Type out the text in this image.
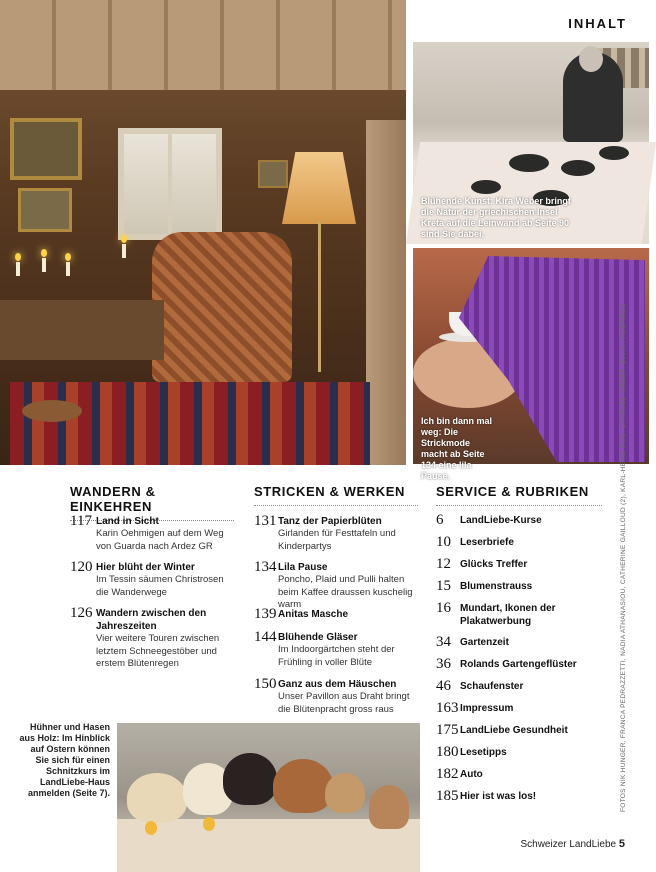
INHALT
Blühende Kunst: Kira Weber bringt die Natur der griechischen Insel Kreta auf die Leinwand ab Seite 90 sind Sie dabei.
Ich bin dann mal weg: Die Strickmode macht ab Seite 134 eine lila Pause.
WANDERN & EINKEHREN
STRICKEN & WERKEN	SERVICE & RUBRIKEN
117 Land in Sicht
Karin Oehmigen auf dem Weg von Guarda nach Ardez GR
120 Hier blüht der Winter
Im Tessin säumen Christrosen die Wanderwege
126 Wandern zwischen den Jahreszeiten
Vier weitere Touren zwischen letztem Schneegestöber und erstem Blütenregen
131 Tanz der Papierblüten
Girlanden für Festtafeln und Kinderpartys
134 Lila Pause
Poncho, Plaid und Pulli halten beim Kaffee draussen kuschelig warm
139 Anitas Masche
144 Blühende Gläser
Im Indoorgärtchen steht der Frühling in voller Blüte
150 Ganz aus dem Häuschen
Unser Pavillon aus Draht bringt die Blütenpracht gross raus
6 LandLiebe-Kurse
10 Leserbriefe
12 Glücks Treffer
15 Blumenstrauss
16 Mundart, Ikonen der Plakatwerbung
34 Gartenzeit
36 Rolands Gartengeflüster
46 Schaufenster
163 Impressum
175 LandLiebe Gesundheit
180 Lesetipps
182 Auto
185 Hier ist was los!
Hühner und Hasen aus Holz: Im Hinblick auf Ostern können Sie sich für einen Schnitzkurs im LandLiebe-Haus anmelden (Seite 7).	FOTOS NIK HUNGER, FRANCA PEDRAZZETTI, NADIA ATHANASIOU, CATHERINE GAILLOUD (2), KARL-HEINZ HUG, CHARLES WEBER, ELLIN ANDEREGG
Schweizer LandLiebe 5
